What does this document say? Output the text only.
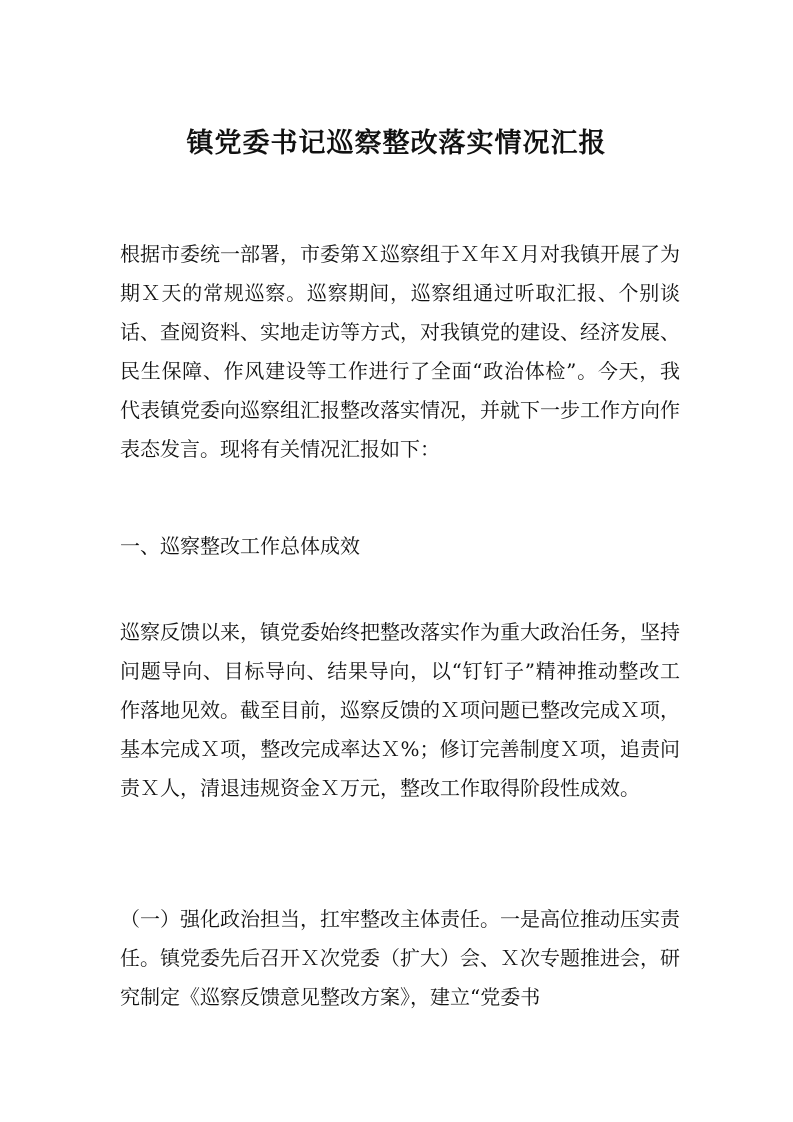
镇党委书记巡察整改落实情况汇报

根据市委统一部署，市委第Ｘ巡察组于Ｘ年Ｘ月对我镇开展了为期Ｘ天的常规巡察。巡察期间，巡察组通过听取汇报、个别谈话、查阅资料、实地走访等方式，对我镇党的建设、经济发展、民生保障、作风建设等工作进行了全面“政治体检”。今天，我代表镇党委向巡察组汇报整改落实情况，并就下一步工作方向作表态发言。现将有关情况汇报如下：

一、巡察整改工作总体成效

巡察反馈以来，镇党委始终把整改落实作为重大政治任务，坚持问题导向、目标导向、结果导向，以“钉钉子”精神推动整改工作落地见效。截至目前，巡察反馈的Ｘ项问题已整改完成Ｘ项，基本完成Ｘ项，整改完成率达Ｘ%；修订完善制度Ｘ项，追责问责Ｘ人，清退违规资金Ｘ万元，整改工作取得阶段性成效。

（一）强化政治担当，扛牢整改主体责任。一是高位推动压实责任。镇党委先后召开Ｘ次党委（扩大）会、Ｘ次专题推进会，研究制定《巡察反馈意见整改方案》，建立“党委书
